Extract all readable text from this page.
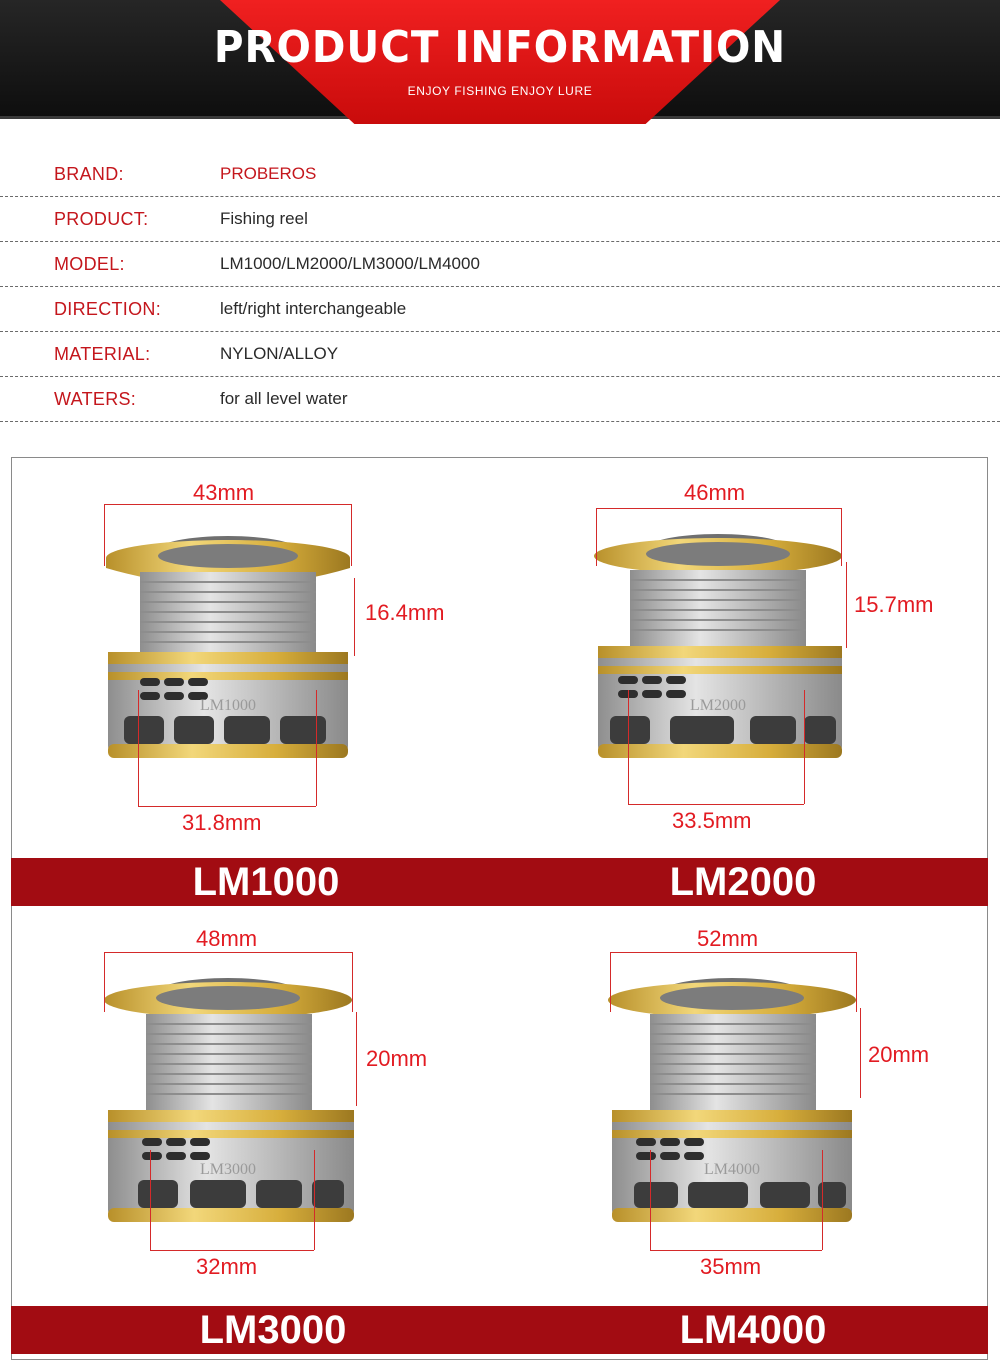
PRODUCT INFORMATION
ENJOY FISHING ENJOY LURE
BRAND:	PROBEROS
PRODUCT:	Fishing reel
MODEL:	LM1000/LM2000/LM3000/LM4000
DIRECTION:	left/right interchangeable
MATERIAL:	NYLON/ALLOY
WATERS:	for all level water
LM1000
43mm
16.4mm
31.8mm
LM2000
46mm
15.7mm
33.5mm
LM1000	LM2000
LM3000
48mm
20mm
32mm
LM4000
52mm
20mm
35mm
LM3000	LM4000
